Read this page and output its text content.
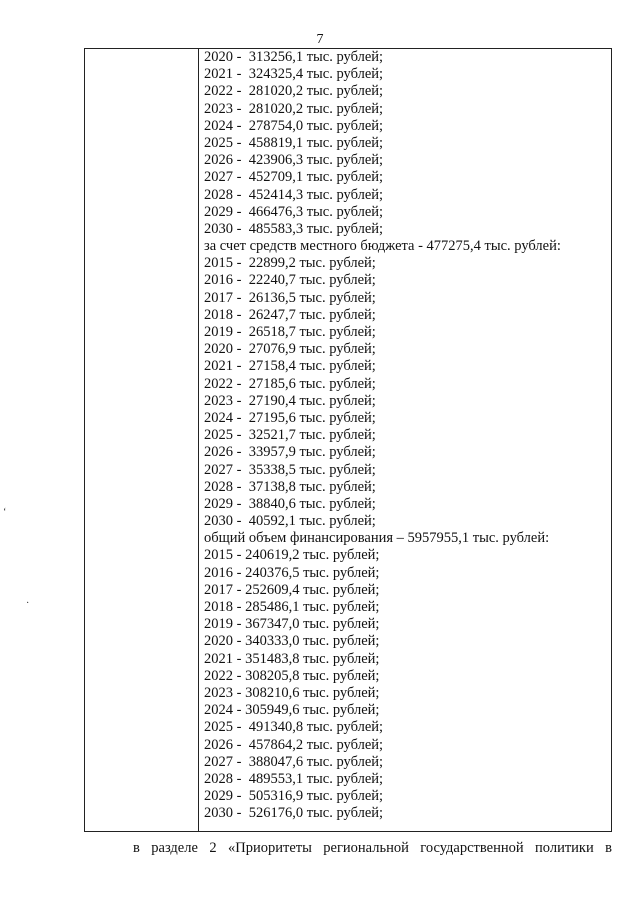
7
2020 -  313256,1 тыс. рублей;
2021 -  324325,4 тыс. рублей;
2022 -  281020,2 тыс. рублей;
2023 -  281020,2 тыс. рублей;
2024 -  278754,0 тыс. рублей;
2025 -  458819,1 тыс. рублей;
2026 -  423906,3 тыс. рублей;
2027 -  452709,1 тыс. рублей;
2028 -  452414,3 тыс. рублей;
2029 -  466476,3 тыс. рублей;
2030 -  485583,3 тыс. рублей;
за счет средств местного бюджета - 477275,4 тыс. рублей:
2015 -  22899,2 тыс. рублей;
2016 -  22240,7 тыс. рублей;
2017 -  26136,5 тыс. рублей;
2018 -  26247,7 тыс. рублей;
2019 -  26518,7 тыс. рублей;
2020 -  27076,9 тыс. рублей;
2021 -  27158,4 тыс. рублей;
2022 -  27185,6 тыс. рублей;
2023 -  27190,4 тыс. рублей;
2024 -  27195,6 тыс. рублей;
2025 -  32521,7 тыс. рублей;
2026 -  33957,9 тыс. рублей;
2027 -  35338,5 тыс. рублей;
2028 -  37138,8 тыс. рублей;
2029 -  38840,6 тыс. рублей;
2030 -  40592,1 тыс. рублей;
общий объем финансирования – 5957955,1 тыс. рублей:
2015 - 240619,2 тыс. рублей;
2016 - 240376,5 тыс. рублей;
2017 - 252609,4 тыс. рублей;
2018 - 285486,1 тыс. рублей;
2019 - 367347,0 тыс. рублей;
2020 - 340333,0 тыс. рублей;
2021 - 351483,8 тыс. рублей;
2022 - 308205,8 тыс. рублей;
2023 - 308210,6 тыс. рублей;
2024 - 305949,6 тыс. рублей;
2025 -  491340,8 тыс. рублей;
2026 -  457864,2 тыс. рублей;
2027 -  388047,6 тыс. рублей;
2028 -  489553,1 тыс. рублей;
2029 -  505316,9 тыс. рублей;
2030 -  526176,0 тыс. рублей;
в разделе 2 «Приоритеты региональной государственной политики в
‘
·
